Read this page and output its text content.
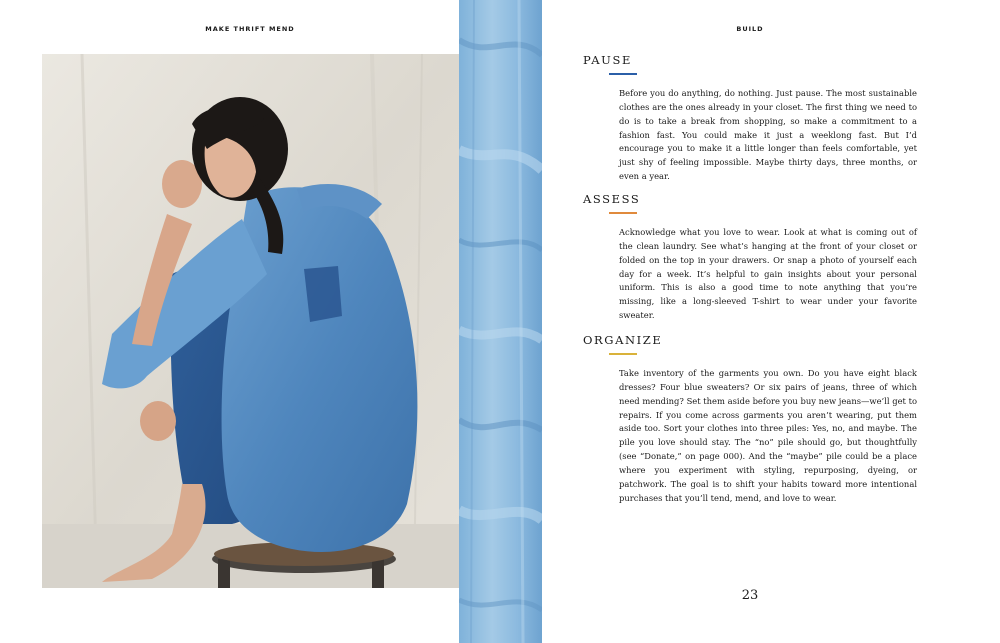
MAKE THRIFT MEND	BUILD
PAUSE
Before you do anything, do nothing. Just pause. The most sustainable clothes are the ones already in your closet. The first thing we need to do is to take a break from shopping, so make a commitment to a fashion fast. You could make it just a weeklong fast. But I’d encourage you to make it a little longer than feels comfortable, yet just shy of feeling impossible. Maybe thirty days, three months, or even a year.
ASSESS
Acknowledge what you love to wear. Look at what is coming out of the clean laundry. See what’s hanging at the front of your closet or folded on the top in your drawers. Or snap a photo of yourself each day for a week. It’s helpful to gain insights about your personal uniform. This is also a good time to note anything that you’re missing, like a long-sleeved T-shirt to wear under your favorite sweater.
ORGANIZE
Take inventory of the garments you own. Do you have eight black dresses? Four blue sweaters? Or six pairs of jeans, three of which need mending? Set them aside before you buy new jeans—we’ll get to repairs. If you come across garments you aren’t wearing, put them aside too. Sort your clothes into three piles: Yes, no, and maybe. The pile you love should stay. The “no” pile should go, but thoughtfully (see “Donate,” on page 000). And the “maybe” pile could be a place where you experiment with styling, repurposing, dyeing, or patchwork. The goal is to shift your habits toward more intentional purchases that you’ll tend, mend, and love to wear.
23
